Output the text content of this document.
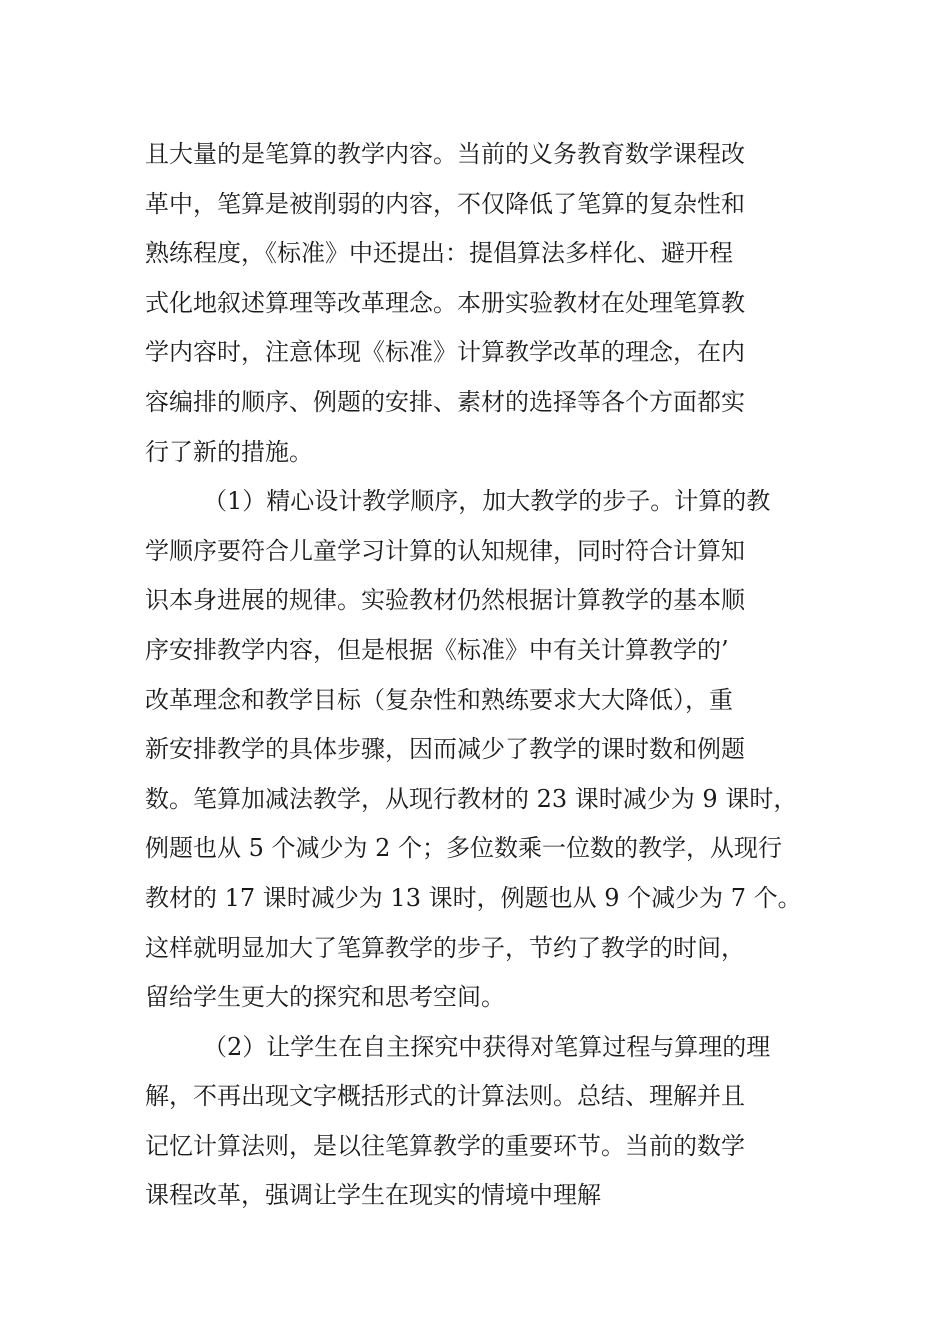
且大量的是笔算的教学内容。当前的义务教育数学课程改
革中，笔算是被削弱的内容，不仅降低了笔算的复杂性和
熟练程度，《标准》中还提出：提倡算法多样化、避开程
式化地叙述算理等改革理念。本册实验教材在处理笔算教
学内容时，注意体现《标准》计算教学改革的理念，在内
容编排的顺序、例题的安排、素材的选择等各个方面都实
行了新的措施。
（1）精心设计教学顺序，加大教学的步子。计算的教
学顺序要符合儿童学习计算的认知规律，同时符合计算知
识本身进展的规律。实验教材仍然根据计算教学的基本顺
序安排教学内容，但是根据《标准》中有关计算教学的’
改革理念和教学目标（复杂性和熟练要求大大降低），重
新安排教学的具体步骤，因而减少了教学的课时数和例题
数。笔算加减法教学，从现行教材的 23 课时减少为 9 课时，
例题也从 5 个减少为 2 个；多位数乘一位数的教学，从现行
教材的 17 课时减少为 13 课时，例题也从 9 个减少为 7 个。
这样就明显加大了笔算教学的步子，节约了教学的时间，
留给学生更大的探究和思考空间。
（2）让学生在自主探究中获得对笔算过程与算理的理
解，不再出现文字概括形式的计算法则。总结、理解并且
记忆计算法则，是以往笔算教学的重要环节。当前的数学
课程改革，强调让学生在现实的情境中理解
